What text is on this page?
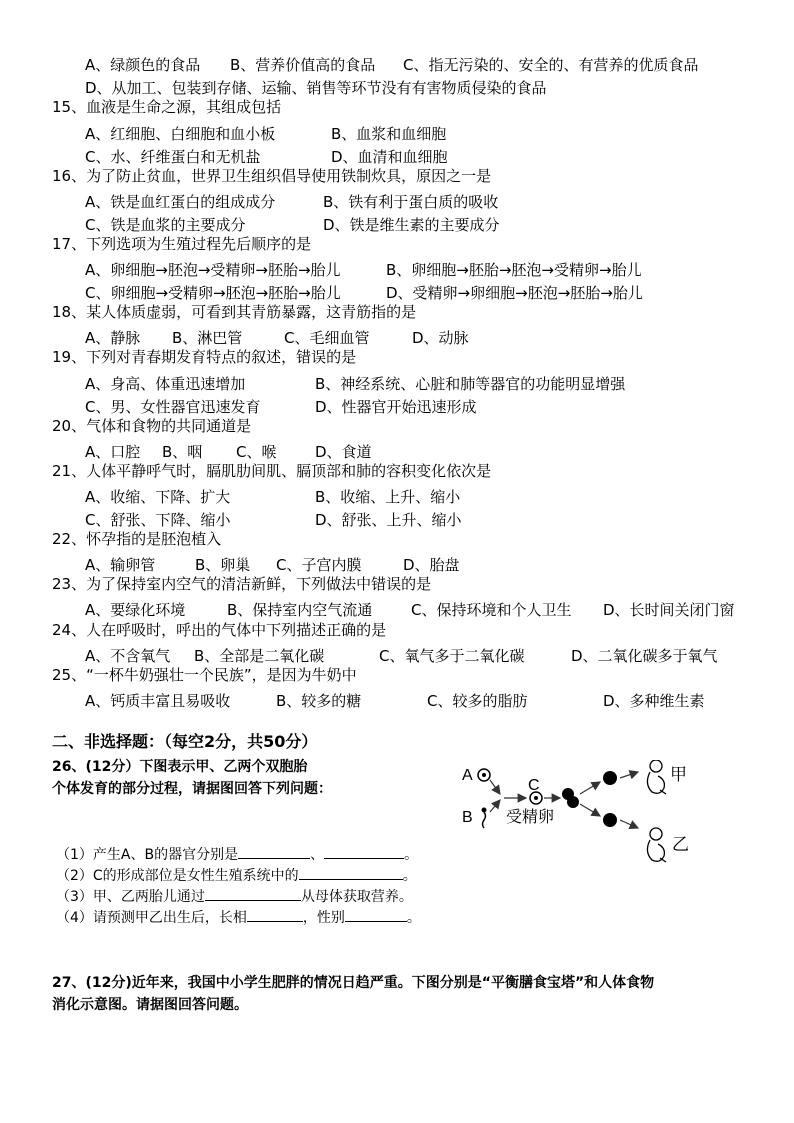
A、绿颜色的食品 B、营养价值高的食品 C、指无污染的、安全的、有营养的优质食品
D、从加工、包装到存储、运输、销售等环节没有有害物质侵染的食品
15、血液是生命之源，其组成包括
A、红细胞、白细胞和血小板	B、血浆和血细胞
C、水、纤维蛋白和无机盐	D、血清和血细胞
16、为了防止贫血，世界卫生组织倡导使用铁制炊具，原因之一是
A、铁是血红蛋白的组成成分	B、铁有利于蛋白质的吸收
C、铁是血浆的主要成分	D、铁是维生素的主要成分
17、下列选项为生殖过程先后顺序的是
A、卵细胞→胚泡→受精卵→胚胎→胎儿	B、卵细胞→胚胎→胚泡→受精卵→胎儿
C、卵细胞→受精卵→胚泡→胚胎→胎儿	D、受精卵→卵细胞→胚泡→胚胎→胎儿
18、某人体质虚弱，可看到其青筋暴露，这青筋指的是
A、静脉 B、淋巴管	C、毛细血管	D、动脉
19、下列对青春期发育特点的叙述，错误的是
A、身高、体重迅速增加	B、神经系统、心脏和肺等器官的功能明显增强
C、男、女性器官迅速发育	D、性器官开始迅速形成
20、气体和食物的共同通道是
A、口腔 B、咽 C、喉	D、食道
21、人体平静呼气时，膈肌肋间肌、膈顶部和肺的容积变化依次是
A、收缩、下降、扩大	B、收缩、上升、缩小
C、舒张、下降、缩小	D、舒张、上升、缩小
22、怀孕指的是胚泡植入
A、输卵管	B、卵巢 C、子宫内膜	D、胎盘
23、为了保持室内空气的清洁新鲜，下列做法中错误的是
A、要绿化环境	B、保持室内空气流通	C、保持环境和个人卫生 D、长时间关闭门窗
24、人在呼吸时，呼出的气体中下列描述正确的是
A、不含氧气 B、全部是二氧化碳	C、氧气多于二氧化碳	D、二氧化碳多于氧气
25、“一杯牛奶强壮一个民族”，是因为牛奶中
A、钙质丰富且易吸收	B、较多的糖	C、较多的脂肪	D、多种维生素
二、非选择题：（每空2分，共50分）
26、(12分）下图表示甲、乙两个双胞胎
个体发育的部分过程，请据图回答下列问题：
A
B
C
受精卵
甲
乙
（1）产生A、B的器官分别是	、	。
（2）C的形成部位是女性生殖系统中的	。
（3）甲、乙两胎儿通过	从母体获取营养。
（4）请预测甲乙出生后，长相	，性别	。
27、(12分)近年来，我国中小学生肥胖的情况日趋严重。下图分别是“平衡膳食宝塔”和人体食物
消化示意图。请据图回答问题。
